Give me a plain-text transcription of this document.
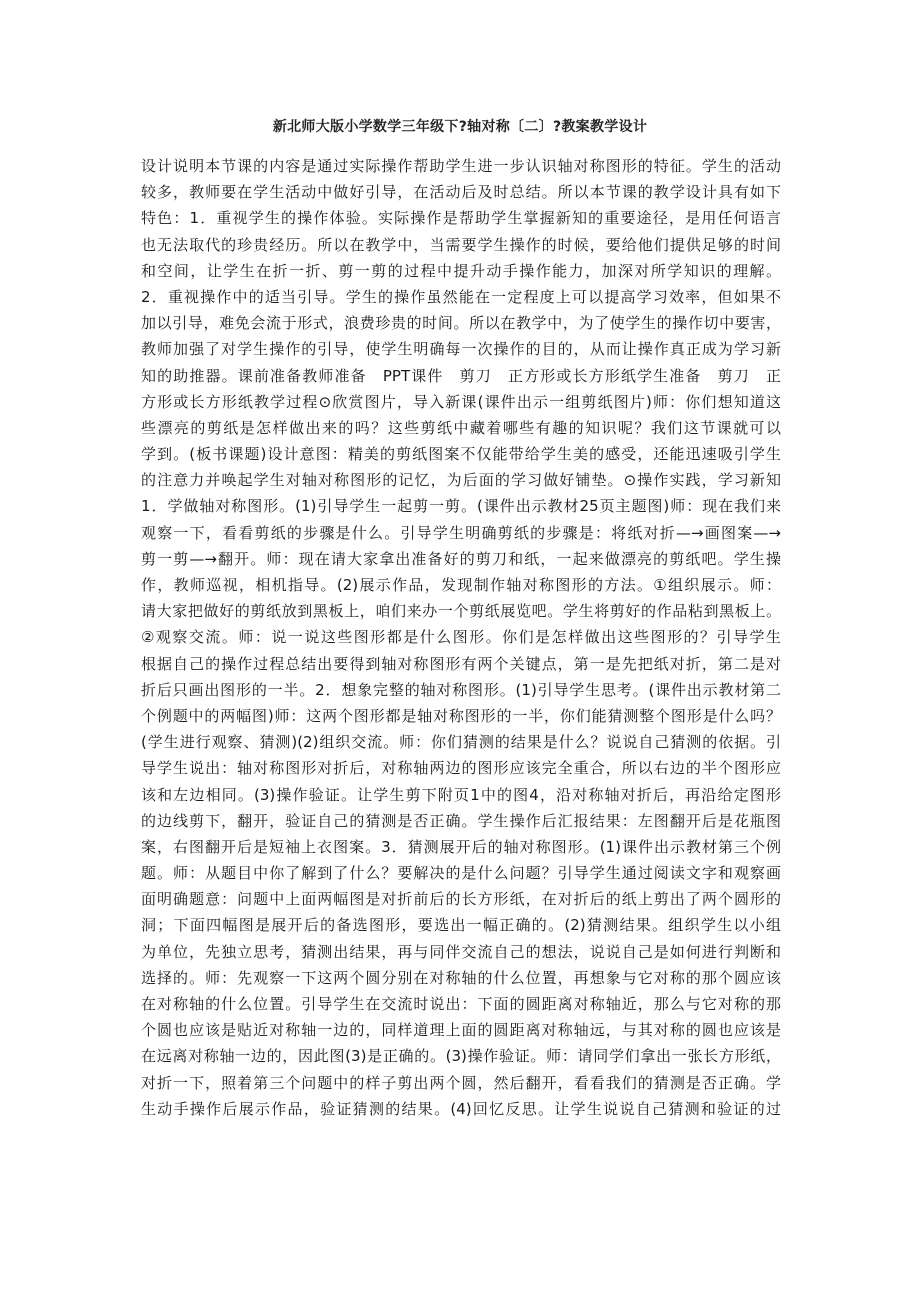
新北师大版小学数学三年级下?轴对称〔二〕?教案教学设计
设计说明本节课的内容是通过实际操作帮助学生进一步认识轴对称图形的特征。学生的活动
较多，教师要在学生活动中做好引导，在活动后及时总结。所以本节课的教学设计具有如下
特色：1．重视学生的操作体验。实际操作是帮助学生掌握新知的重要途径，是用任何语言
也无法取代的珍贵经历。所以在教学中，当需要学生操作的时候，要给他们提供足够的时间
和空间，让学生在折一折、剪一剪的过程中提升动手操作能力，加深对所学知识的理解。
2．重视操作中的适当引导。学生的操作虽然能在一定程度上可以提高学习效率，但如果不
加以引导，难免会流于形式，浪费珍贵的时间。所以在教学中，为了使学生的操作切中要害，
教师加强了对学生操作的引导，使学生明确每一次操作的目的，从而让操作真正成为学习新
知的助推器。课前准备教师准备　PPT课件　剪刀　正方形或长方形纸学生准备　剪刀　正
方形或长方形纸教学过程⊙欣赏图片，导入新课(课件出示一组剪纸图片)师：你们想知道这
些漂亮的剪纸是怎样做出来的吗？这些剪纸中藏着哪些有趣的知识呢？我们这节课就可以
学到。(板书课题)设计意图：精美的剪纸图案不仅能带给学生美的感受，还能迅速吸引学生
的注意力并唤起学生对轴对称图形的记忆，为后面的学习做好铺垫。⊙操作实践，学习新知
1．学做轴对称图形。(1)引导学生一起剪一剪。(课件出示教材25页主题图)师：现在我们来
观察一下，看看剪纸的步骤是什么。引导学生明确剪纸的步骤是：将纸对折—→画图案—→
剪一剪—→翻开。师：现在请大家拿出准备好的剪刀和纸，一起来做漂亮的剪纸吧。学生操
作，教师巡视，相机指导。(2)展示作品，发现制作轴对称图形的方法。①组织展示。师：
请大家把做好的剪纸放到黑板上，咱们来办一个剪纸展览吧。学生将剪好的作品粘到黑板上。
②观察交流。师：说一说这些图形都是什么图形。你们是怎样做出这些图形的？引导学生
根据自己的操作过程总结出要得到轴对称图形有两个关键点，第一是先把纸对折，第二是对
折后只画出图形的一半。2．想象完整的轴对称图形。(1)引导学生思考。(课件出示教材第二
个例题中的两幅图)师：这两个图形都是轴对称图形的一半，你们能猜测整个图形是什么吗？
(学生进行观察、猜测)(2)组织交流。师：你们猜测的结果是什么？说说自己猜测的依据。引
导学生说出：轴对称图形对折后，对称轴两边的图形应该完全重合，所以右边的半个图形应
该和左边相同。(3)操作验证。让学生剪下附页1中的图4，沿对称轴对折后，再沿给定图形
的边线剪下，翻开，验证自己的猜测是否正确。学生操作后汇报结果：左图翻开后是花瓶图
案，右图翻开后是短袖上衣图案。3．猜测展开后的轴对称图形。(1)课件出示教材第三个例
题。师：从题目中你了解到了什么？要解决的是什么问题？引导学生通过阅读文字和观察画
面明确题意：问题中上面两幅图是对折前后的长方形纸，在对折后的纸上剪出了两个圆形的
洞；下面四幅图是展开后的备选图形，要选出一幅正确的。(2)猜测结果。组织学生以小组
为单位，先独立思考，猜测出结果，再与同伴交流自己的想法，说说自己是如何进行判断和
选择的。师：先观察一下这两个圆分别在对称轴的什么位置，再想象与它对称的那个圆应该
在对称轴的什么位置。引导学生在交流时说出：下面的圆距离对称轴近，那么与它对称的那
个圆也应该是贴近对称轴一边的，同样道理上面的圆距离对称轴远，与其对称的圆也应该是
在远离对称轴一边的，因此图(3)是正确的。(3)操作验证。师：请同学们拿出一张长方形纸，
对折一下，照着第三个问题中的样子剪出两个圆，然后翻开，看看我们的猜测是否正确。学
生动手操作后展示作品，验证猜测的结果。(4)回忆反思。让学生说说自己猜测和验证的过
